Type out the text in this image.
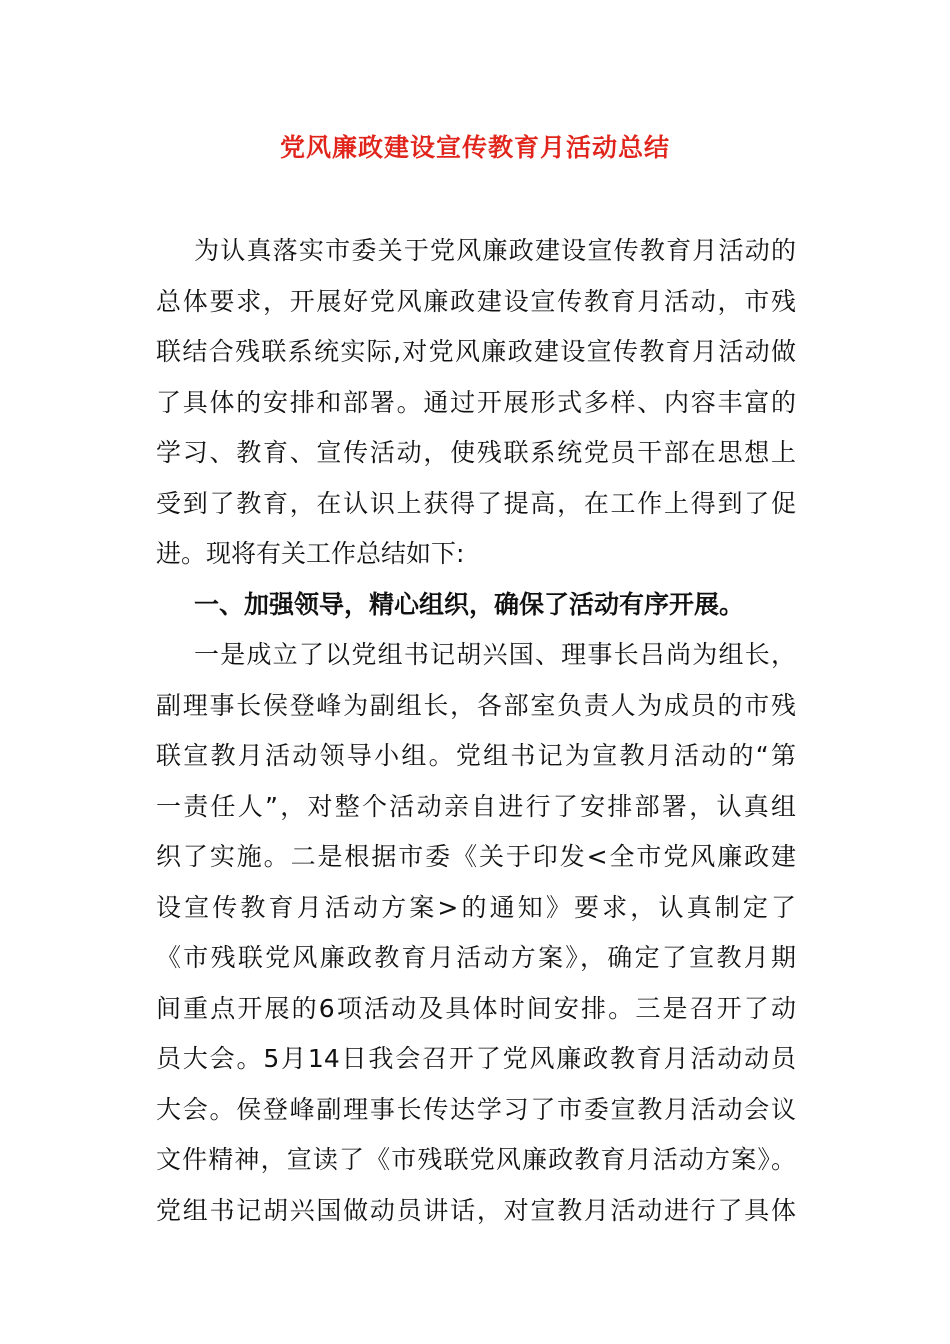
党风廉政建设宣传教育月活动总结
为认真落实市委关于党风廉政建设宣传教育月活动的
总体要求，开展好党风廉政建设宣传教育月活动，市残
联结合残联系统实际,对党风廉政建设宣传教育月活动做
了具体的安排和部署。通过开展形式多样、内容丰富的
学习、教育、宣传活动，使残联系统党员干部在思想上
受到了教育，在认识上获得了提高，在工作上得到了促
进。现将有关工作总结如下:
一、加强领导，精心组织，确保了活动有序开展。
一是成立了以党组书记胡兴国、理事长吕尚为组长，
副理事长侯登峰为副组长，各部室负责人为成员的市残
联宣教月活动领导小组。党组书记为宣教月活动的“第
一责任人”，对整个活动亲自进行了安排部署，认真组
织了实施。二是根据市委《关于印发<全市党风廉政建
设宣传教育月活动方案>的通知》要求，认真制定了
《市残联党风廉政教育月活动方案》，确定了宣教月期
间重点开展的6项活动及具体时间安排。三是召开了动
员大会。5月14日我会召开了党风廉政教育月活动动员
大会。侯登峰副理事长传达学习了市委宣教月活动会议
文件精神，宣读了《市残联党风廉政教育月活动方案》。
党组书记胡兴国做动员讲话，对宣教月活动进行了具体
